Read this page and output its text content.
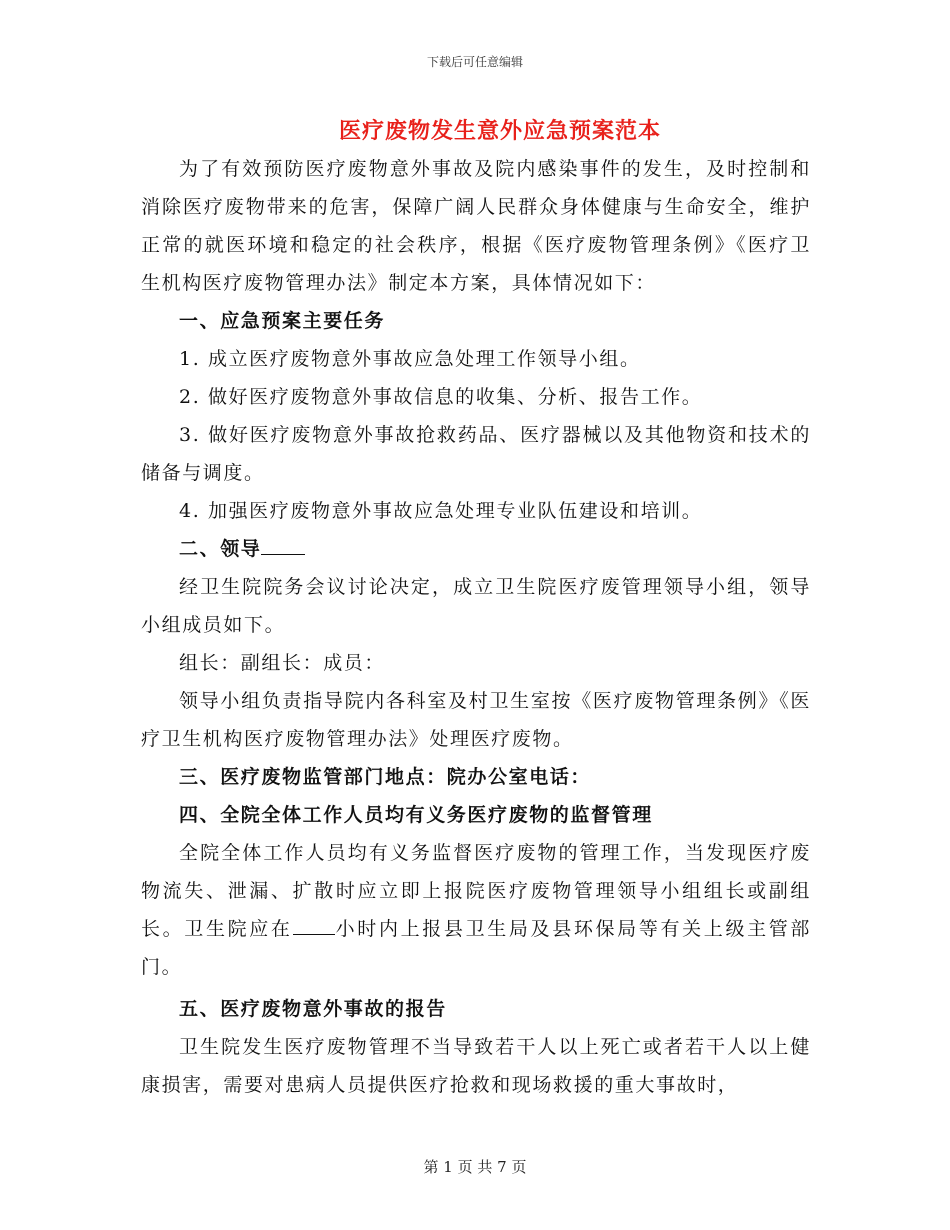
下载后可任意编辑
医疗废物发生意外应急预案范本

为了有效预防医疗废物意外事故及院内感染事件的发生，及时控制和消除医疗废物带来的危害，保障广阔人民群众身体健康与生命安全，维护正常的就医环境和稳定的社会秩序，根据《医疗废物管理条例》《医疗卫生机构医疗废物管理办法》制定本方案，具体情况如下：

一、应急预案主要任务

1. 成立医疗废物意外事故应急处理工作领导小组。

2. 做好医疗废物意外事故信息的收集、分析、报告工作。

3. 做好医疗废物意外事故抢救药品、医疗器械以及其他物资和技术的储备与调度。

4. 加强医疗废物意外事故应急处理专业队伍建设和培训。

二、领导

经卫生院院务会议讨论决定，成立卫生院医疗废管理领导小组，领导小组成员如下。

组长：副组长：成员：

领导小组负责指导院内各科室及村卫生室按《医疗废物管理条例》《医疗卫生机构医疗废物管理办法》处理医疗废物。

三、医疗废物监管部门地点：院办公室电话：

四、全院全体工作人员均有义务医疗废物的监督管理

全院全体工作人员均有义务监督医疗废物的管理工作，当发现医疗废物流失、泄漏、扩散时应立即上报院医疗废物管理领导小组组长或副组长。卫生院应在 小时内上报县卫生局及县环保局等有关上级主管部门。

五、医疗废物意外事故的报告

卫生院发生医疗废物管理不当导致若干人以上死亡或者若干人以上健康损害，需要对患病人员提供医疗抢救和现场救援的重大事故时，

第 1 页 共 7 页
